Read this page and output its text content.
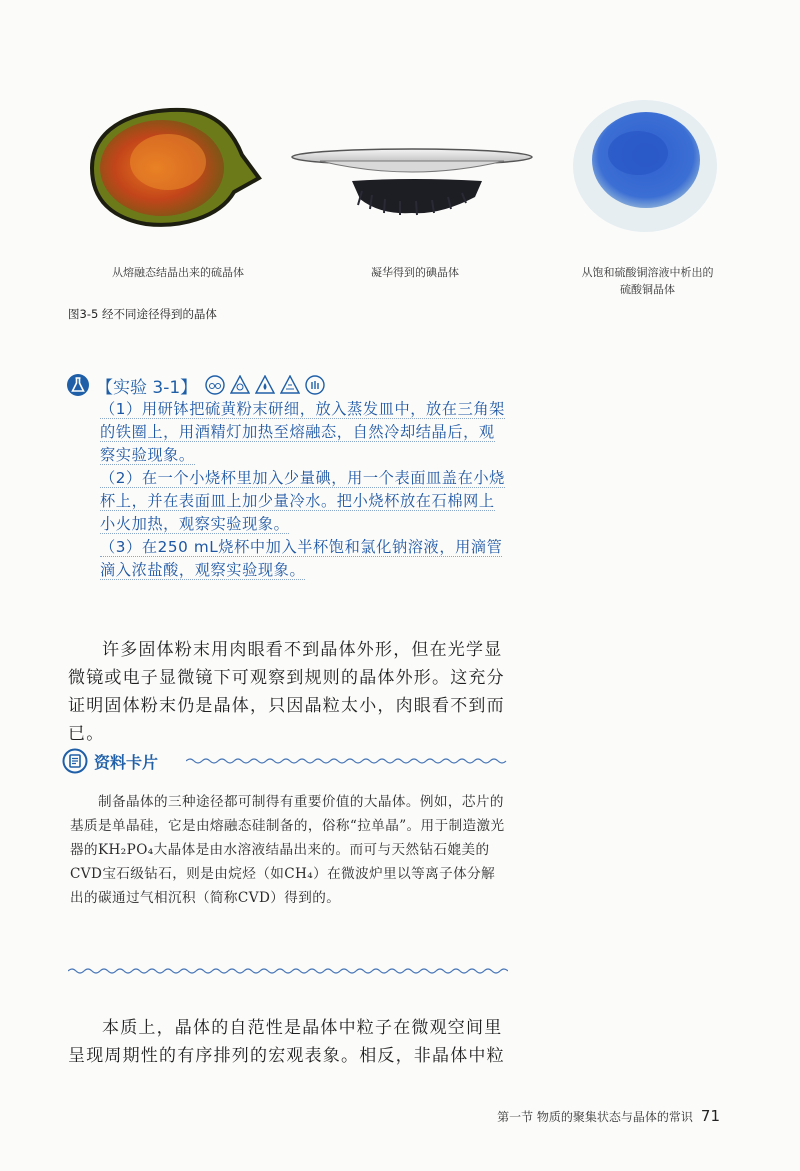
从熔融态结晶出来的硫晶体	凝华得到的碘晶体	从饱和硫酸铜溶液中析出的
硫酸铜晶体
图3-5 经不同途径得到的晶体
【实验 3-1】

（1）用研钵把硫黄粉末研细，放入蒸发皿中，放在三角架的铁圈上，用酒精灯加热至熔融态，自然冷却结晶后，观察实验现象。

（2）在一个小烧杯里加入少量碘，用一个表面皿盖在小烧杯上，并在表面皿上加少量冷水。把小烧杯放在石棉网上小火加热，观察实验现象。

（3）在250 mL烧杯中加入半杯饱和氯化钠溶液，用滴管滴入浓盐酸，观察实验现象。

许多固体粉末用肉眼看不到晶体外形，但在光学显微镜或电子显微镜下可观察到规则的晶体外形。这充分证明固体粉末仍是晶体，只因晶粒太小，肉眼看不到而已。

资料卡片

制备晶体的三种途径都可制得有重要价值的大晶体。例如，芯片的基质是单晶硅，它是由熔融态硅制备的，俗称“拉单晶”。用于制造激光器的KH₂PO₄大晶体是由水溶液结晶出来的。而可与天然钻石媲美的CVD宝石级钻石，则是由烷烃（如CH₄）在微波炉里以等离子体分解出的碳通过气相沉积（简称CVD）得到的。

本质上，晶体的自范性是晶体中粒子在微观空间里呈现周期性的有序排列的宏观表象。相反，非晶体中粒

第一节 物质的聚集状态与晶体的常识 71
